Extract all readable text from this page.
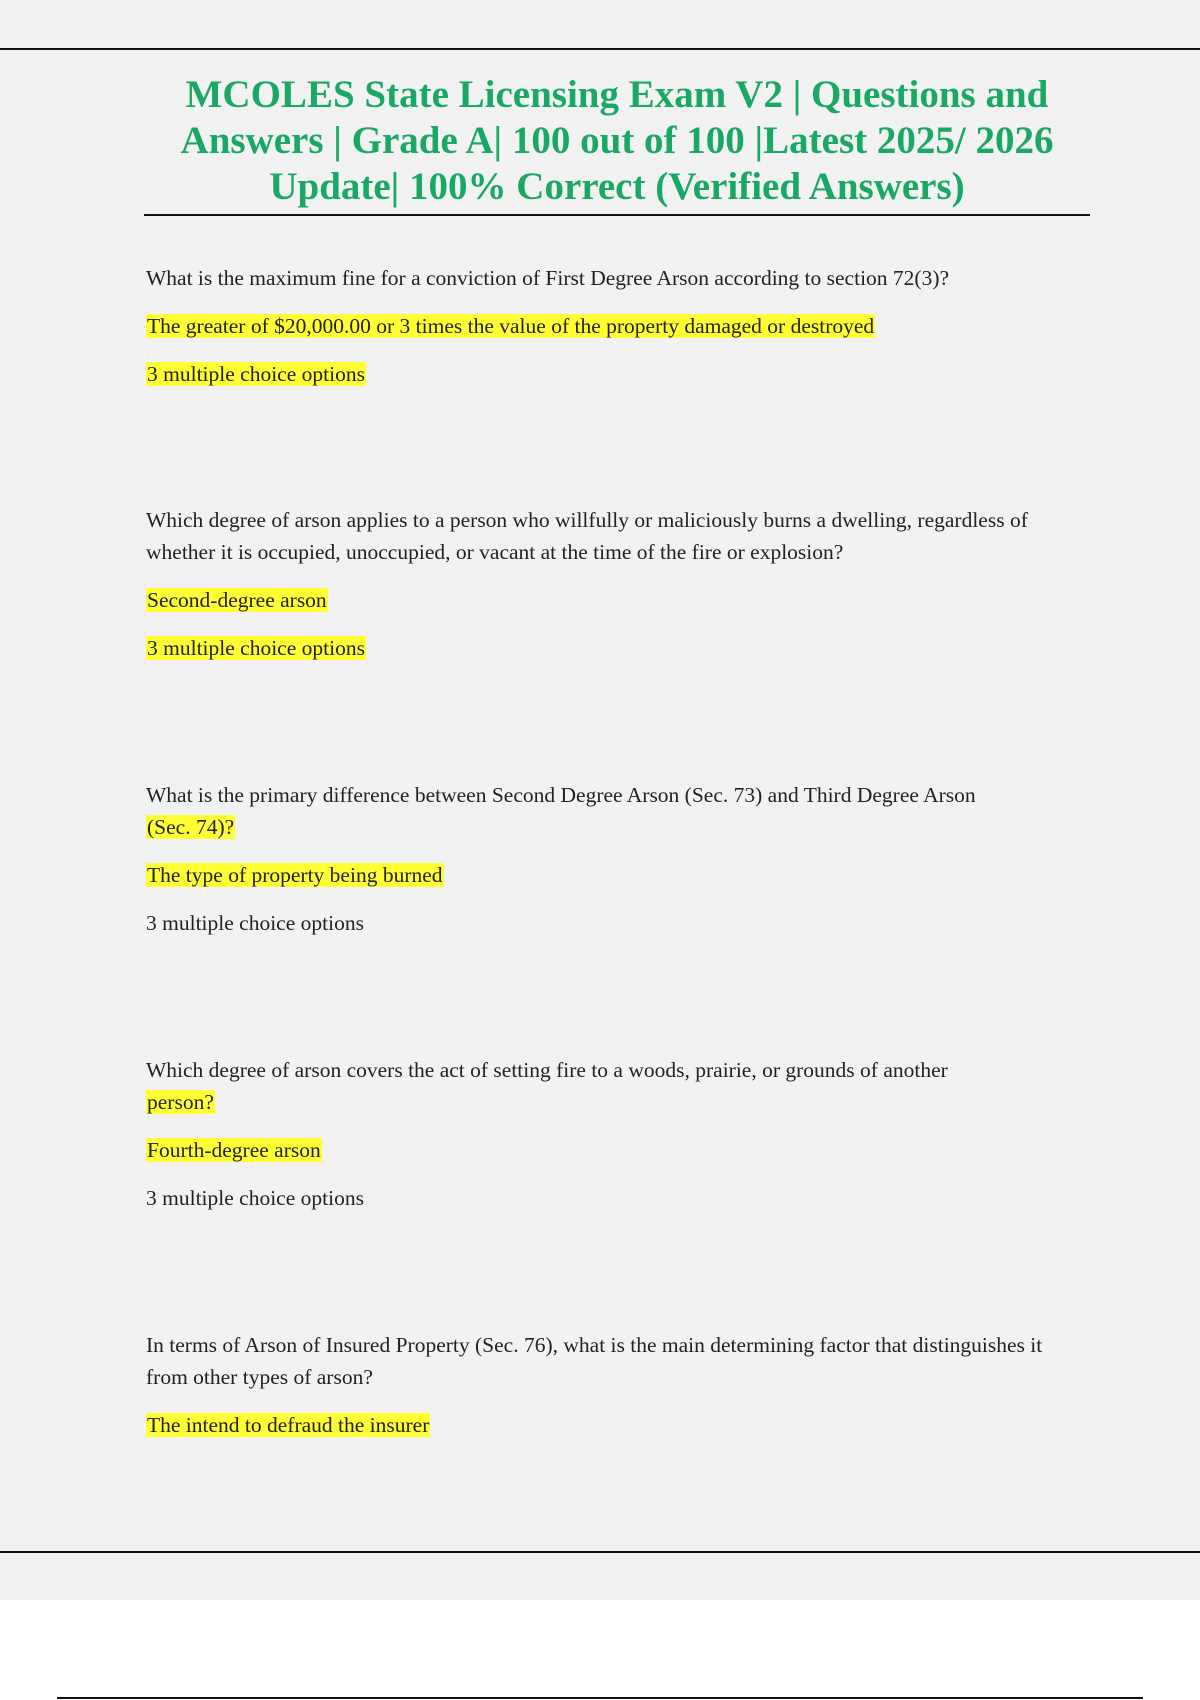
MCOLES State Licensing Exam V2 | Questions and Answers | Grade A| 100 out of 100 |Latest 2025/ 2026 Update| 100% Correct (Verified Answers)

What is the maximum fine for a conviction of First Degree Arson according to section 72(3)?

The greater of $20,000.00 or 3 times the value of the property damaged or destroyed

3 multiple choice options

Which degree of arson applies to a person who willfully or maliciously burns a dwelling, regardless of whether it is occupied, unoccupied, or vacant at the time of the fire or explosion?

Second-degree arson

3 multiple choice options

What is the primary difference between Second Degree Arson (Sec. 73) and Third Degree Arson
(Sec. 74)?

The type of property being burned

3 multiple choice options

Which degree of arson covers the act of setting fire to a woods, prairie, or grounds of another
person?

Fourth-degree arson

3 multiple choice options

In terms of Arson of Insured Property (Sec. 76), what is the main determining factor that distinguishes it from other types of arson?

The intend to defraud the insurer
